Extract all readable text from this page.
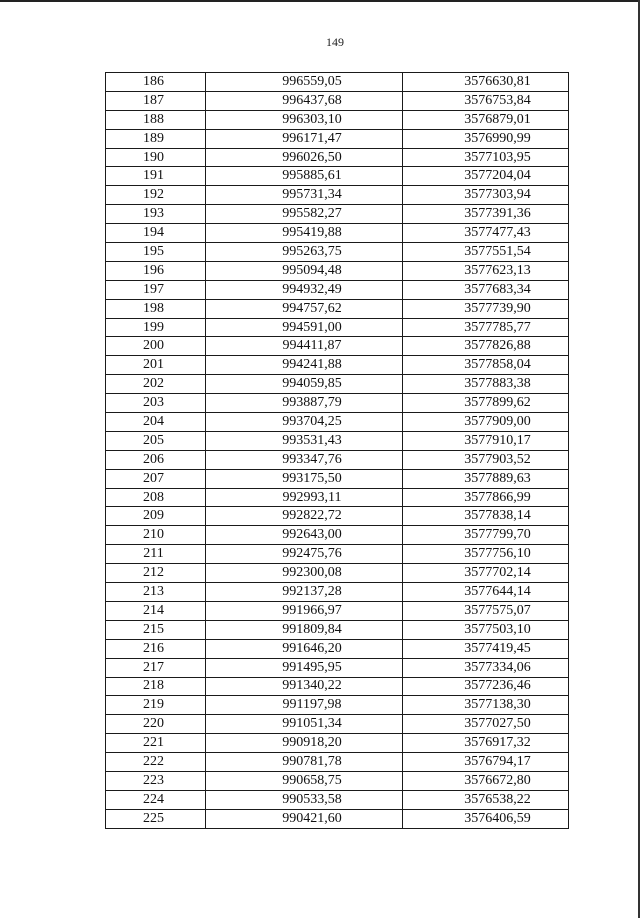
149
186	996559,05	3576630,81
187	996437,68	3576753,84
188	996303,10	3576879,01
189	996171,47	3576990,99
190	996026,50	3577103,95
191	995885,61	3577204,04
192	995731,34	3577303,94
193	995582,27	3577391,36
194	995419,88	3577477,43
195	995263,75	3577551,54
196	995094,48	3577623,13
197	994932,49	3577683,34
198	994757,62	3577739,90
199	994591,00	3577785,77
200	994411,87	3577826,88
201	994241,88	3577858,04
202	994059,85	3577883,38
203	993887,79	3577899,62
204	993704,25	3577909,00
205	993531,43	3577910,17
206	993347,76	3577903,52
207	993175,50	3577889,63
208	992993,11	3577866,99
209	992822,72	3577838,14
210	992643,00	3577799,70
211	992475,76	3577756,10
212	992300,08	3577702,14
213	992137,28	3577644,14
214	991966,97	3577575,07
215	991809,84	3577503,10
216	991646,20	3577419,45
217	991495,95	3577334,06
218	991340,22	3577236,46
219	991197,98	3577138,30
220	991051,34	3577027,50
221	990918,20	3576917,32
222	990781,78	3576794,17
223	990658,75	3576672,80
224	990533,58	3576538,22
225	990421,60	3576406,59
